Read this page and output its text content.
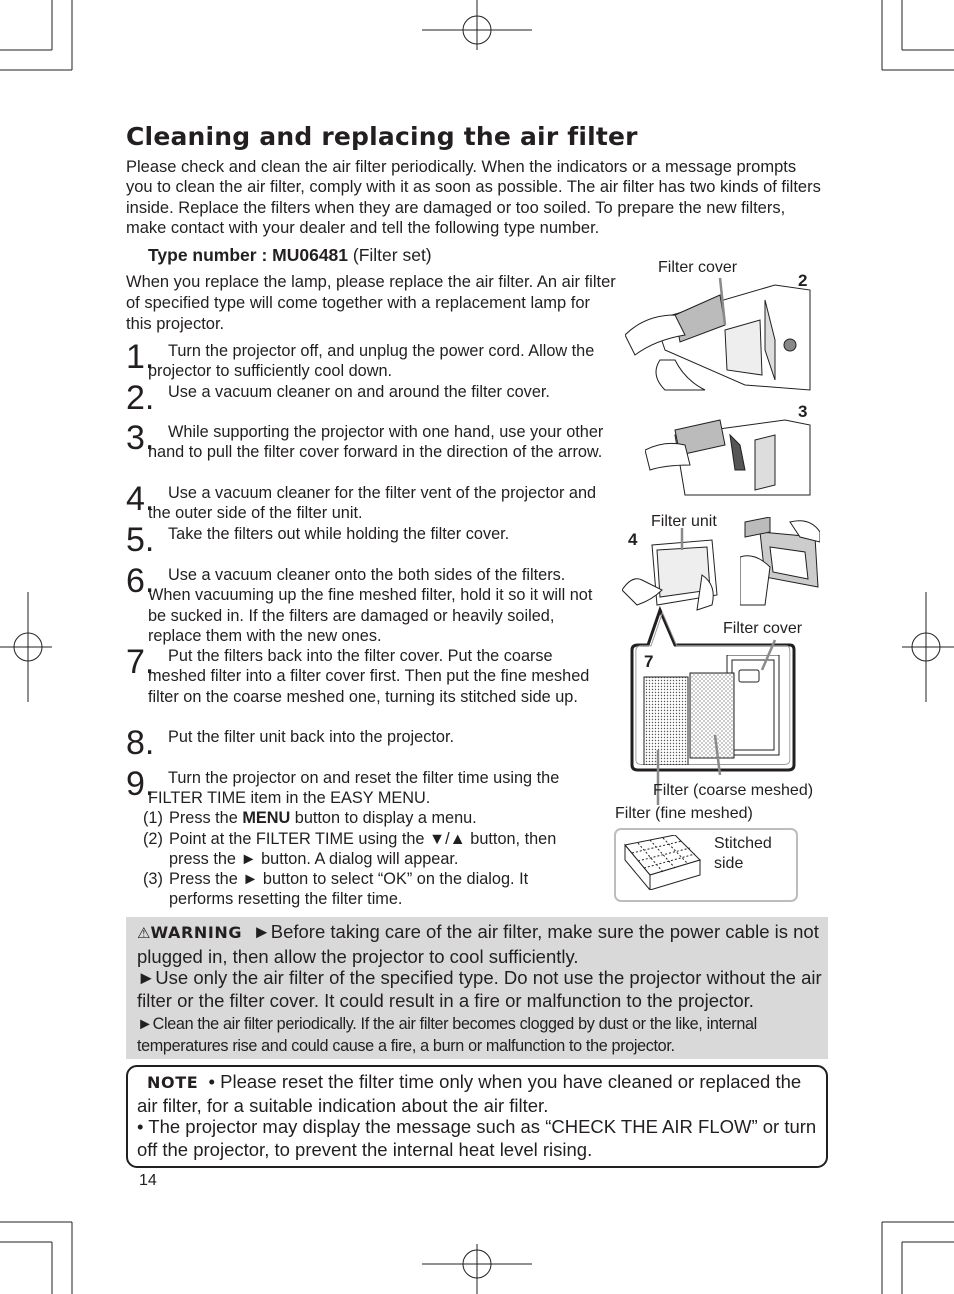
Cleaning and replacing the air filter

Please check and clean the air filter periodically. When the indicators or a message prompts you to clean the air filter, comply with it as soon as possible. The air filter has two kinds of filters inside. Replace the filters when they are damaged or too soiled. To prepare the new filters, make contact with your dealer and tell the following type number.

Type number : MU06481 (Filter set)

When you replace the lamp, please replace the air filter. An air filter of specified type will come together with a replacement lamp for this projector.

1. Turn the projector off, and unplug the power cord. Allow the projector to sufficiently cool down.
2. Use a vacuum cleaner on and around the filter cover.
3. While supporting the projector with one hand, use your other hand to pull the filter cover forward in the direction of the arrow.
4. Use a vacuum cleaner for the filter vent of the projector and the outer side of the filter unit.
5. Take the filters out while holding the filter cover.
6. Use a vacuum cleaner onto the both sides of the filters. When vacuuming up the fine meshed filter, hold it so it will not be sucked in. If the filters are damaged or heavily soiled, replace them with the new ones.
7. Put the filters back into the filter cover. Put the coarse meshed filter into a filter cover first. Then put the fine meshed filter on the coarse meshed one, turning its stitched side up.
8. Put the filter unit back into the projector.
9. Turn the projector on and reset the filter time using the FILTER TIME item in the EASY MENU.
(1) Press the MENU button to display a menu.
(2) Point at the FILTER TIME using the ▼/▲ button, then press the ► button. A dialog will appear.
(3) Press the ► button to select “OK” on the dialog. It performs resetting the filter time.
Filter cover
2
3
Filter unit
4
Filter cover
7
Filter (coarse meshed)
Filter (fine meshed)
Stitched
side
⚠WARNING ►Before taking care of the air filter, make sure the power cable is not plugged in, then allow the projector to cool sufficiently.
►Use only the air filter of the specified type. Do not use the projector without the air filter or the filter cover. It could result in a fire or malfunction to the projector.
►Clean the air filter periodically. If the air filter becomes clogged by dust or the like, internal temperatures rise and could cause a fire, a burn or malfunction to the projector.
NOTE • Please reset the filter time only when you have cleaned or replaced the air filter, for a suitable indication about the air filter.
• The projector may display the message such as “CHECK THE AIR FLOW” or turn off the projector, to prevent the internal heat level rising.
14
